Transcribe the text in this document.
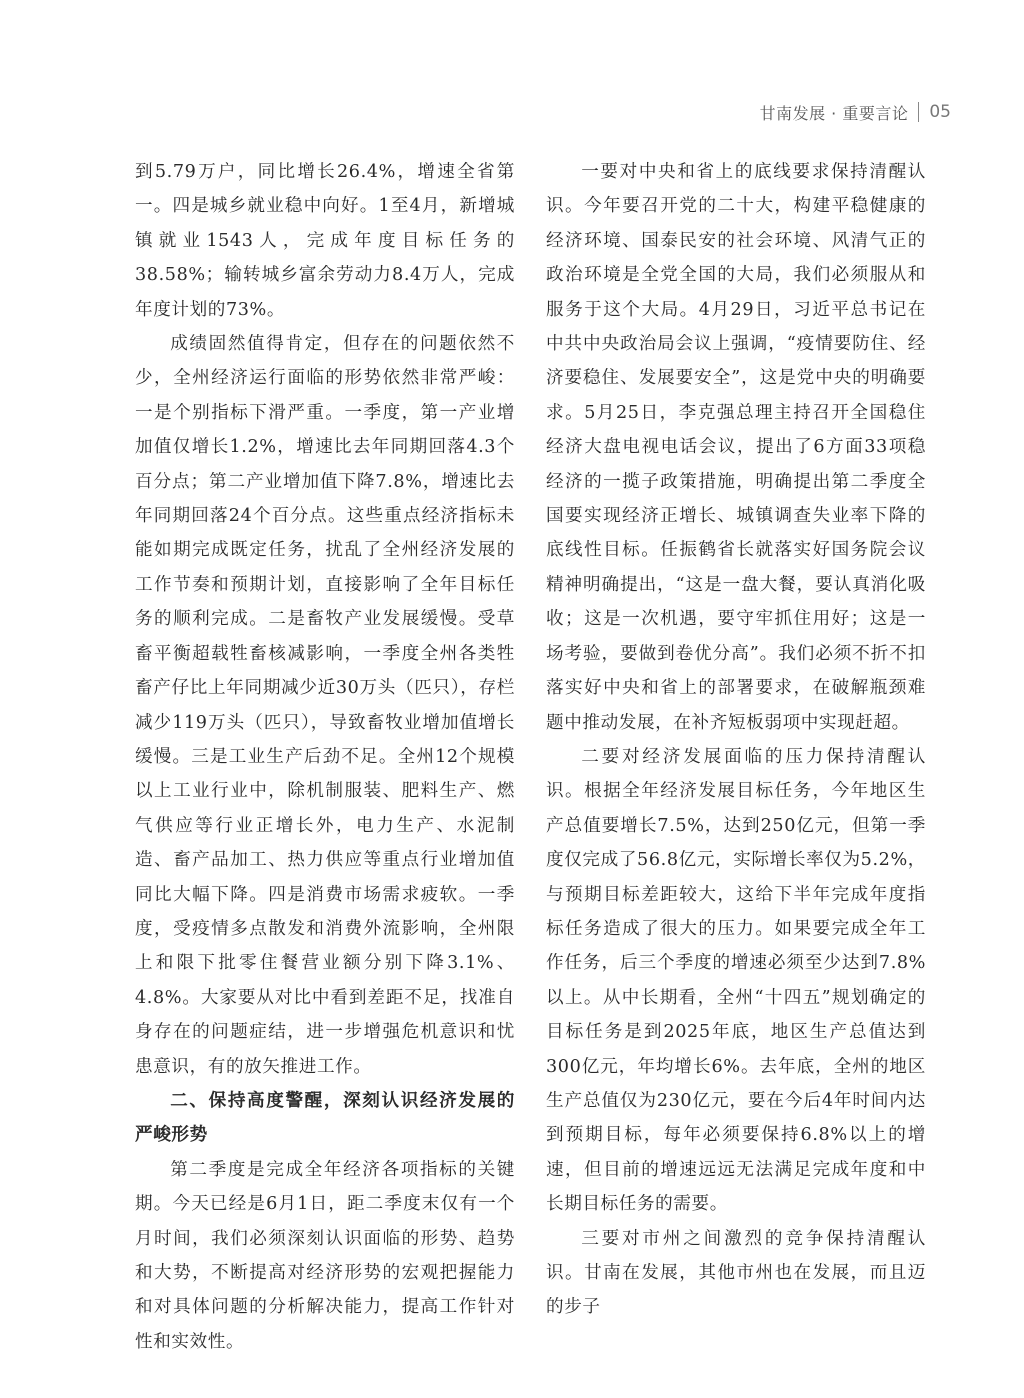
甘南发展 · 重要言论 05

到5.79万户，同比增长26.4%，增速全省第一。四是城乡就业稳中向好。1至4月，新增城镇就业1543人，完成年度目标任务的38.58%；输转城乡富余劳动力8.4万人，完成年度计划的73%。

成绩固然值得肯定，但存在的问题依然不少，全州经济运行面临的形势依然非常严峻：一是个别指标下滑严重。一季度，第一产业增加值仅增长1.2%，增速比去年同期回落4.3个百分点；第二产业增加值下降7.8%，增速比去年同期回落24个百分点。这些重点经济指标未能如期完成既定任务，扰乱了全州经济发展的工作节奏和预期计划，直接影响了全年目标任务的顺利完成。二是畜牧产业发展缓慢。受草畜平衡超载牲畜核减影响，一季度全州各类牲畜产仔比上年同期减少近30万头（匹只），存栏减少119万头（匹只），导致畜牧业增加值增长缓慢。三是工业生产后劲不足。全州12个规模以上工业行业中，除机制服装、肥料生产、燃气供应等行业正增长外，电力生产、水泥制造、畜产品加工、热力供应等重点行业增加值同比大幅下降。四是消费市场需求疲软。一季度，受疫情多点散发和消费外流影响，全州限上和限下批零住餐营业额分别下降3.1%、4.8%。大家要从对比中看到差距不足，找准自身存在的问题症结，进一步增强危机意识和忧患意识，有的放矢推进工作。

二、保持高度警醒，深刻认识经济发展的严峻形势

第二季度是完成全年经济各项指标的关键期。今天已经是6月1日，距二季度末仅有一个月时间，我们必须深刻认识面临的形势、趋势和大势，不断提高对经济形势的宏观把握能力和对具体问题的分析解决能力，提高工作针对性和实效性。

一要对中央和省上的底线要求保持清醒认识。今年要召开党的二十大，构建平稳健康的经济环境、国泰民安的社会环境、风清气正的政治环境是全党全国的大局，我们必须服从和服务于这个大局。4月29日，习近平总书记在中共中央政治局会议上强调，“疫情要防住、经济要稳住、发展要安全”，这是党中央的明确要求。5月25日，李克强总理主持召开全国稳住经济大盘电视电话会议，提出了6方面33项稳经济的一揽子政策措施，明确提出第二季度全国要实现经济正增长、城镇调查失业率下降的底线性目标。任振鹤省长就落实好国务院会议精神明确提出，“这是一盘大餐，要认真消化吸收；这是一次机遇，要守牢抓住用好；这是一场考验，要做到卷优分高”。我们必须不折不扣落实好中央和省上的部署要求，在破解瓶颈难题中推动发展，在补齐短板弱项中实现赶超。

二要对经济发展面临的压力保持清醒认识。根据全年经济发展目标任务，今年地区生产总值要增长7.5%，达到250亿元，但第一季度仅完成了56.8亿元，实际增长率仅为5.2%，与预期目标差距较大，这给下半年完成年度指标任务造成了很大的压力。如果要完成全年工作任务，后三个季度的增速必须至少达到7.8%以上。从中长期看，全州“十四五”规划确定的目标任务是到2025年底，地区生产总值达到300亿元，年均增长6%。去年底，全州的地区生产总值仅为230亿元，要在今后4年时间内达到预期目标，每年必须要保持6.8%以上的增速，但目前的增速远远无法满足完成年度和中长期目标任务的需要。

三要对市州之间激烈的竞争保持清醒认识。甘南在发展，其他市州也在发展，而且迈的步子
